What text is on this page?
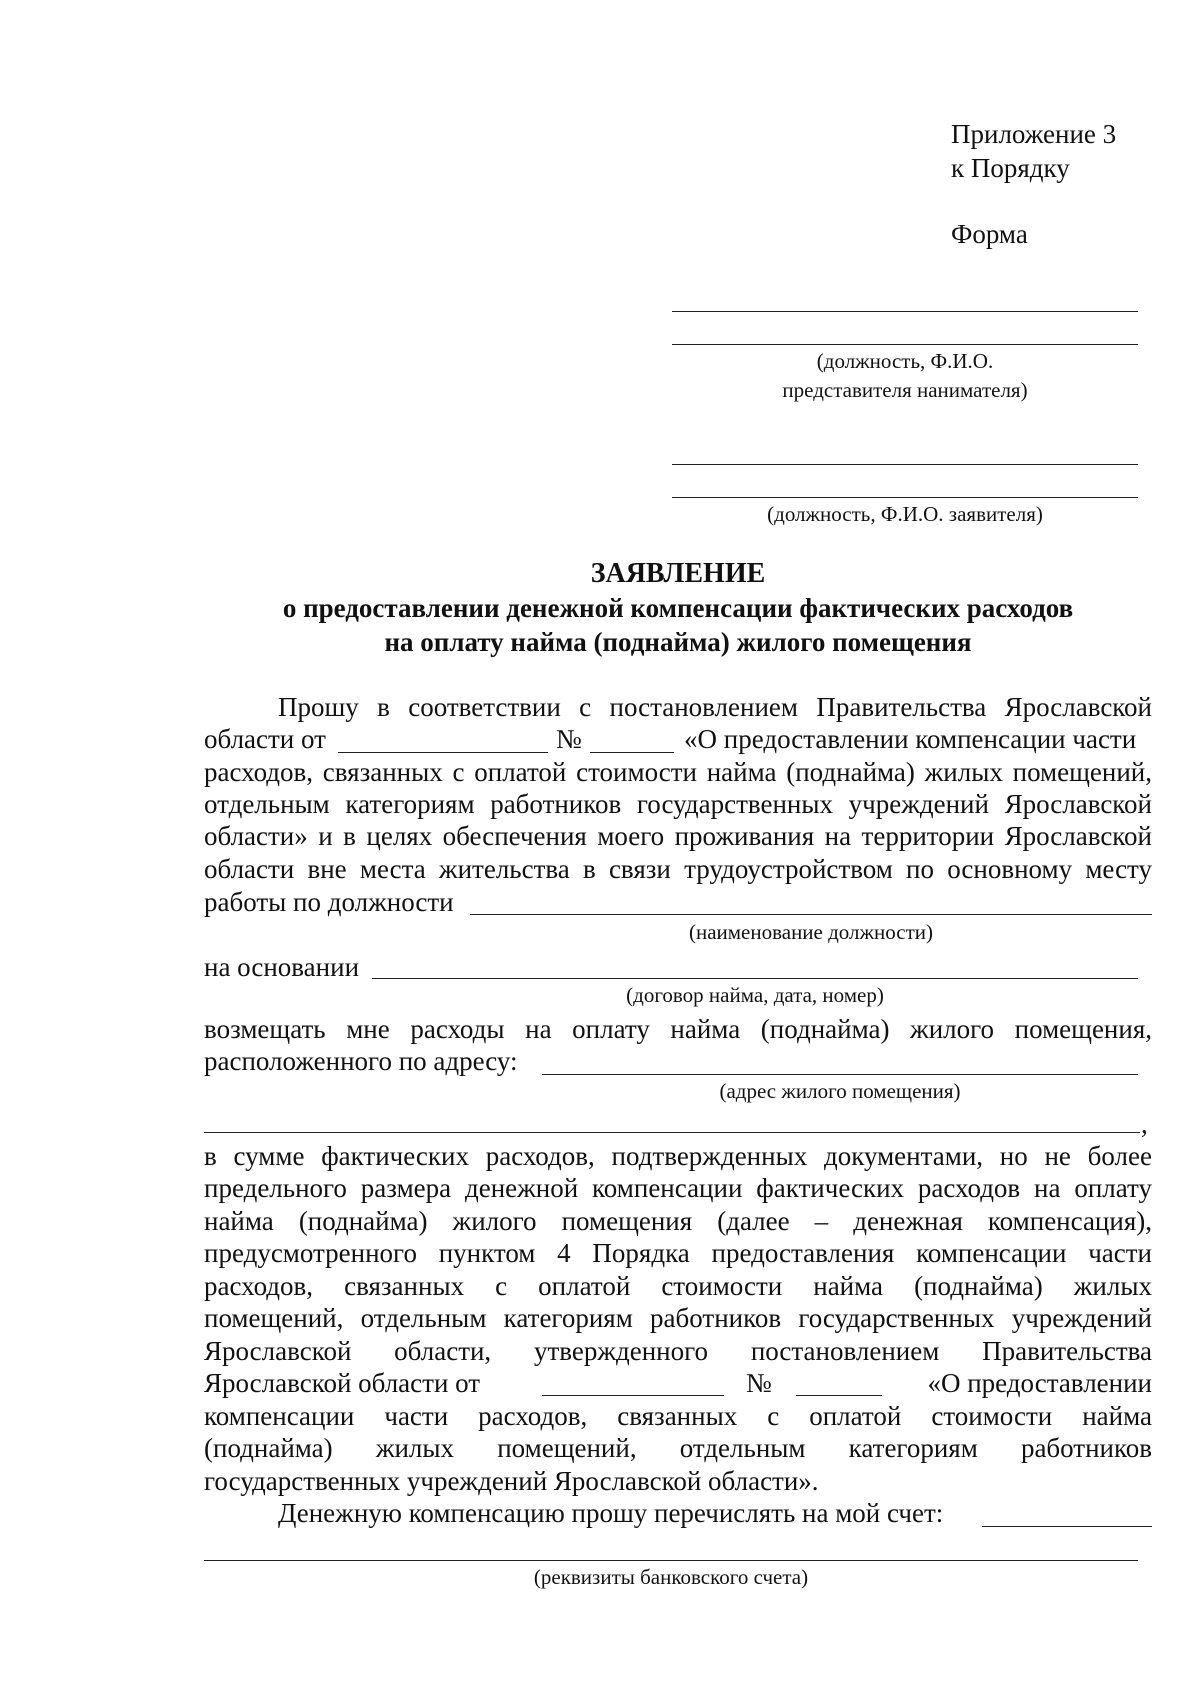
Приложение 3
к Порядку
Форма
(должность, Ф.И.О.
представителя нанимателя)
(должность, Ф.И.О. заявителя)
ЗАЯВЛЕНИЕ
о предоставлении денежной компенсации фактических расходов
на оплату найма (поднайма) жилого помещения
Прошу в соответствии с постановлением Правительства Ярославской
области от	№	«О предоставлении компенсации части
расходов, связанных с оплатой стоимости найма (поднайма) жилых помещений,
отдельным категориям работников государственных учреждений Ярославской
области» и в целях обеспечения моего проживания на территории Ярославской
области вне места жительства в связи трудоустройством по основному месту
работы по должности
(наименование должности)
на основании
(договор найма, дата, номер)
возмещать мне расходы на оплату найма (поднайма) жилого помещения,
расположенного по адресу:
(адрес жилого помещения)
,
в сумме фактических расходов, подтвержденных документами, но не более
предельного размера денежной компенсации фактических расходов на оплату
найма (поднайма) жилого помещения (далее – денежная компенсация),
предусмотренного пунктом 4 Порядка предоставления компенсации части
расходов, связанных с оплатой стоимости найма (поднайма) жилых
помещений, отдельным категориям работников государственных учреждений
Ярославской области, утвержденного постановлением Правительства
Ярославской области от	№	«О предоставлении
компенсации части расходов, связанных с оплатой стоимости найма
(поднайма) жилых помещений, отдельным категориям работников
государственных учреждений Ярославской области».
Денежную компенсацию прошу перечислять на мой счет:
(реквизиты банковского счета)
